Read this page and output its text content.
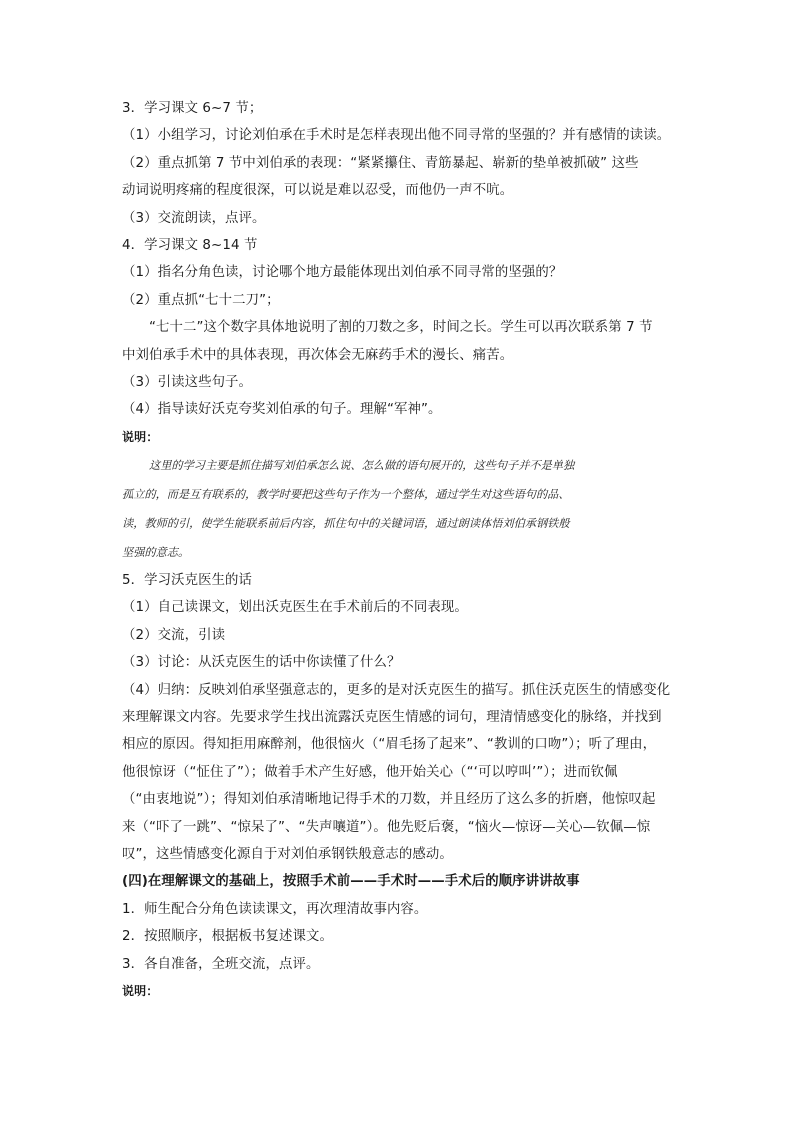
3．学习课文 6~7 节；
（1）小组学习，讨论刘伯承在手术时是怎样表现出他不同寻常的坚强的？并有感情的读读。
（2）重点抓第 7 节中刘伯承的表现：“紧紧攥住、青筋暴起、崭新的垫单被抓破” 这些
动词说明疼痛的程度很深，可以说是难以忍受，而他仍一声不吭。
（3）交流朗读，点评。
4．学习课文 8~14 节
（1）指名分角色读，讨论哪个地方最能体现出刘伯承不同寻常的坚强的？
（2）重点抓“七十二刀”；
“七十二”这个数字具体地说明了割的刀数之多，时间之长。学生可以再次联系第 7 节
中刘伯承手术中的具体表现，再次体会无麻药手术的漫长、痛苦。
（3）引读这些句子。
（4）指导读好沃克夸奖刘伯承的句子。理解“军神”。
说明：
这里的学习主要是抓住描写刘伯承怎么说、怎么做的语句展开的，这些句子并不是单独
孤立的，而是互有联系的，教学时要把这些句子作为一个整体，通过学生对这些语句的品、
读，教师的引，使学生能联系前后内容，抓住句中的关键词语，通过朗读体悟刘伯承钢铁般
坚强的意志。
5．学习沃克医生的话
（1）自己读课文，划出沃克医生在手术前后的不同表现。
（2）交流，引读
（3）讨论：从沃克医生的话中你读懂了什么？
（4）归纳：反映刘伯承坚强意志的，更多的是对沃克医生的描写。抓住沃克医生的情感变化
来理解课文内容。先要求学生找出流露沃克医生情感的词句，理清情感变化的脉络，并找到
相应的原因。得知拒用麻醉剂，他很恼火（“眉毛扬了起来”、“教训的口吻”）；听了理由，
他很惊讶（“怔住了”）；做着手术产生好感，他开始关心（“‘可以哼叫’”）；进而钦佩
（“由衷地说”）；得知刘伯承清晰地记得手术的刀数，并且经历了这么多的折磨，他惊叹起
来（“吓了一跳”、“惊呆了”、“失声嚷道”）。他先贬后褒，“恼火—惊讶—关心—钦佩—惊
叹”，这些情感变化源自于对刘伯承钢铁般意志的感动。
(四)在理解课文的基础上，按照手术前——手术时——手术后的顺序讲讲故事
1．师生配合分角色读读课文，再次理清故事内容。
2．按照顺序，根据板书复述课文。
3．各自准备，全班交流，点评。
说明：
